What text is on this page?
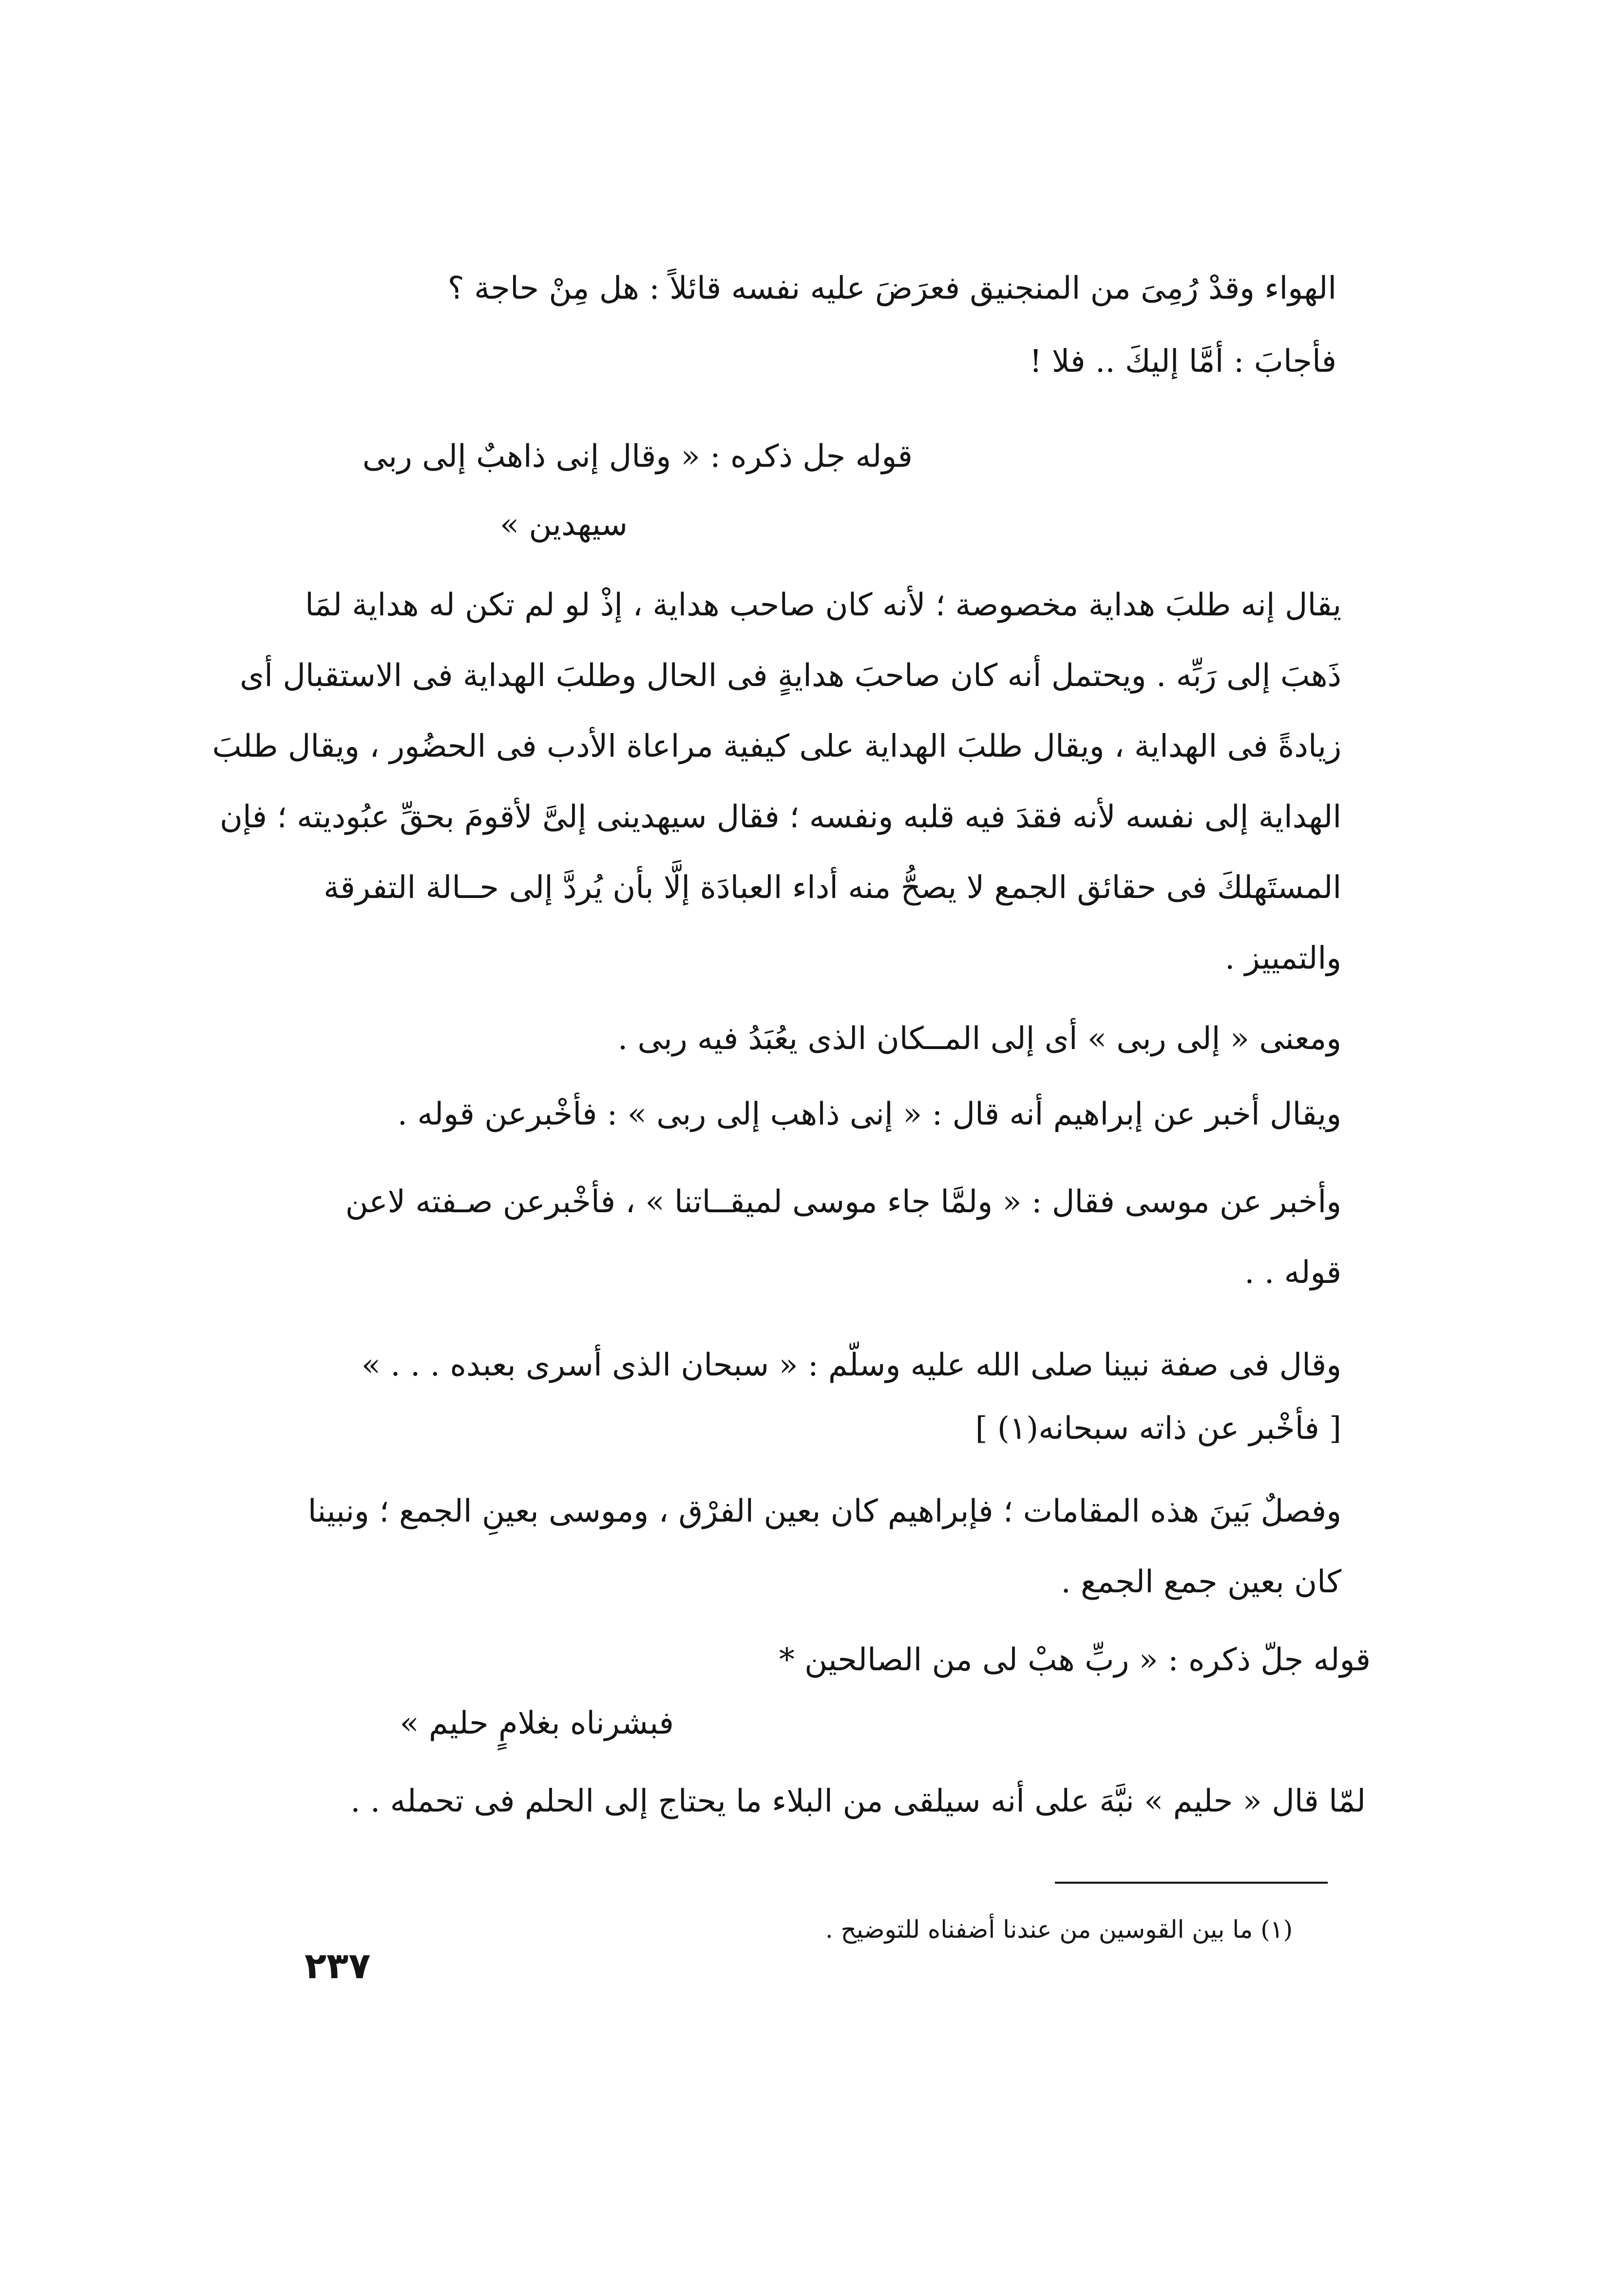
الهواء وقدْ رُمِىَ من المنجنيق فعرَضَ عليه نفسه قائلاً : هل مِنْ حاجة ؟
فأجابَ : أمَّا إليكَ .. فلا !
قوله جل ذكره : « وقال إنى ذاهبٌ إلى ربى
سيهدين »
يقال إنه طلبَ هداية مخصوصة ؛ لأنه كان صاحب هداية ، إذْ لو لم تكن له هداية لمَا
ذَهبَ إلى رَبِّه . ويحتمل أنه كان صاحبَ هدايةٍ فى الحال وطلبَ الهداية فى الاستقبال أى
زيادةً فى الهداية ، ويقال طلبَ الهداية على كيفية مراعاة الأدب فى الحضُور ، ويقال طلبَ
الهداية إلى نفسه لأنه فقدَ فيه قلبه ونفسه ؛ فقال سيهدينى إلىَّ لأقومَ بحقِّ عبُوديته ؛ فإن
المستَهلكَ فى حقائق الجمع لا يصحُّ منه أداء العبادَة إلَّا بأن يُردَّ إلى حــالة التفرقة
والتمييز .
ومعنى « إلى ربى » أى إلى المــكان الذى يعُبَدُ فيه ربى .
ويقال أخبر عن إبراهيم أنه قال : « إنى ذاهب إلى ربى » : فأخْبرعن قوله .
وأخبر عن موسى فقال : « ولمَّا جاء موسى لميقــاتنا » ، فأخْبرعن صـفته لاعن
قوله . .
وقال فى صفة نبينا صلى الله عليه وسلّم : « سبحان الذى أسرى بعبده . . . »
[ فأخْبر عن ذاته سبحانه(١) ]
وفصلٌ بَينَ هذه المقامات ؛ فإبراهيم كان بعين الفرْق ، وموسى بعينِ الجمع ؛ ونبينا
كان بعين جمع الجمع .
قوله جلّ ذكره : « ربِّ هبْ لى من الصالحين *
فبشرناه بغلامٍ حليم »
لمّا قال « حليم » نبَّهَ على أنه سيلقى من البلاء ما يحتاج إلى الحلم فى تحمله . .
(١) ما بين القوسين من عندنا أضفناه للتوضيح .
٢٣٧
